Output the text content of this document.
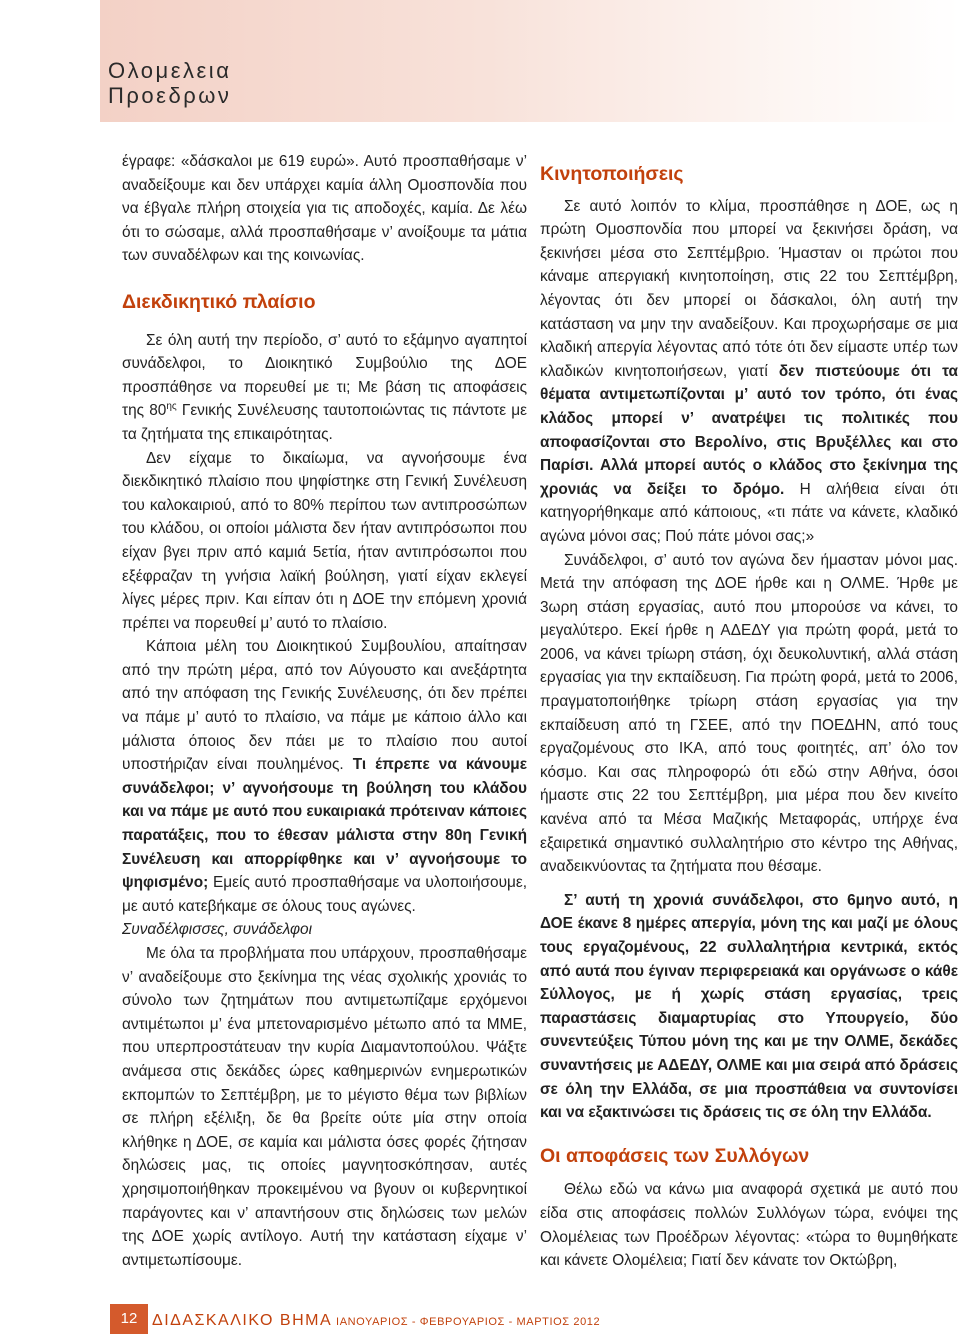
Ολομελεια
Προεδρων

έγραφε: «δάσκαλοι με 619 ευρώ». Αυτό προσπαθήσαμε ν’ αναδείξουμε και δεν υπάρχει καμία άλλη Ομοσπονδία που να έβγαλε πλήρη στοιχεία για τις αποδοχές, καμία. Δε λέω ότι το σώσαμε, αλλά προσπαθήσαμε ν’ ανοίξουμε τα μάτια των συναδέλφων και της κοινωνίας.

Διεκδικητικό πλαίσιο

Σε όλη αυτή την περίοδο, σ’ αυτό το εξάμηνο αγαπητοί συνάδελφοι, το Διοικητικό Συμβούλιο της ΔΟΕ προσπάθησε να πορευθεί με τι; Με βάση τις αποφάσεις της $80^{\eta\varsigma}$ Γενικής Συνέλευσης ταυτοποιώντας τις πάντοτε με τα ζητήματα της επικαιρότητας.

Δεν είχαμε το δικαίωμα, να αγνοήσουμε ένα διεκδικητικό πλαίσιο που ψηφίστηκε στη Γενική Συνέλευση του καλοκαιριού, από το 80% περίπου των αντιπροσώπων του κλάδου, οι οποίοι μάλιστα δεν ήταν αντιπρόσωποι που είχαν βγει πριν από καμιά 5ετία, ήταν αντιπρόσωποι που εξέφραζαν τη γνήσια λαϊκή βούληση, γιατί είχαν εκλεγεί λίγες μέρες πριν. Και είπαν ότι η ΔΟΕ την επόμενη χρονιά πρέπει να πορευθεί μ’ αυτό το πλαίσιο.

Κάποια μέλη του Διοικητικού Συμβουλίου, απαίτησαν από την πρώτη μέρα, από τον Αύγουστο και ανεξάρτητα από την απόφαση της Γενικής Συνέλευσης, ότι δεν πρέπει να πάμε μ’ αυτό το πλαίσιο, να πάμε με κάποιο άλλο και μάλιστα όποιος δεν πάει με το πλαίσιο που αυτοί υποστήριζαν είναι πουλημένος. Τι έπρεπε να κάνουμε συνάδελφοι; ν’ αγνοήσουμε τη βούληση του κλάδου και να πάμε με αυτό που ευκαιριακά πρότειναν κάποιες παρατάξεις, που το έθεσαν μάλιστα στην 80η Γενική Συνέλευση και απορρίφθηκε και ν’ αγνοήσουμε το ψηφισμένο; Εμείς αυτό προσπαθήσαμε να υλοποιήσουμε, με αυτό κατεβήκαμε σε όλους τους αγώνες.

Συναδέλφισσες, συνάδελφοι

Με όλα τα προβλήματα που υπάρχουν, προσπαθήσαμε ν’ αναδείξουμε στο ξεκίνημα της νέας σχολικής χρονιάς το σύνολο των ζητημάτων που αντιμετωπίζαμε ερχόμενοι αντιμέτωποι μ’ ένα μπετοναρισμένο μέτωπο από τα ΜΜΕ, που υπερπροστάτευαν την κυρία Διαμαντοπούλου. Ψάξτε ανάμεσα στις δεκάδες ώρες καθημερινών ενημερωτικών εκπομπών το Σεπτέμβρη, με το μέγιστο θέμα των βιβλίων σε πλήρη εξέλιξη, δε θα βρείτε ούτε μία στην οποία κλήθηκε η ΔΟΕ, σε καμία και μάλιστα όσες φορές ζήτησαν δηλώσεις μας, τις οποίες μαγνητοσκόπησαν, αυτές χρησιμοποιήθηκαν προκειμένου να βγουν οι κυβερνητικοί παράγοντες και ν’ απαντήσουν στις δηλώσεις των μελών της ΔΟΕ χωρίς αντίλογο. Αυτή την κατάσταση είχαμε ν’ αντιμετωπίσουμε.

Κινητοποιήσεις

Σε αυτό λοιπόν το κλίμα, προσπάθησε η ΔΟΕ, ως η πρώτη Ομοσπονδία που μπορεί να ξεκινήσει δράση, να ξεκινήσει μέσα στο Σεπτέμβριο. Ήμασταν οι πρώτοι που κάναμε απεργιακή κινητοποίηση, στις 22 του Σεπτέμβρη, λέγοντας ότι δεν μπορεί οι δάσκαλοι, όλη αυτή την κατάσταση να μην την αναδείξουν. Και προχωρήσαμε σε μια κλαδική απεργία λέγοντας από τότε ότι δεν είμαστε υπέρ των κλαδικών κινητοποιήσεων, γιατί δεν πιστεύουμε ότι τα θέματα αντιμετωπίζονται μ’ αυτό τον τρόπο, ότι ένας κλάδος μπορεί ν’ ανατρέψει τις πολιτικές που αποφασίζονται στο Βερολίνο, στις Βρυξέλλες και στο Παρίσι. Αλλά μπορεί αυτός ο κλάδος στο ξεκίνημα της χρονιάς να δείξει το δρόμο. Η αλήθεια είναι ότι κατηγορήθηκαμε από κάποιους, «τι πάτε να κάνετε, κλαδικό αγώνα μόνοι σας; Πού πάτε μόνοι σας;»

Συνάδελφοι, σ’ αυτό τον αγώνα δεν ήμασταν μόνοι μας. Μετά την απόφαση της ΔΟΕ ήρθε και η ΟΛΜΕ. Ήρθε με 3ωρη στάση εργασίας, αυτό που μπορούσε να κάνει, το μεγαλύτερο. Εκεί ήρθε η ΑΔΕΔΥ για πρώτη φορά, μετά το 2006, να κάνει τρίωρη στάση, όχι δευκολυντική, αλλά στάση εργασίας για την εκπαίδευση. Για πρώτη φορά, μετά το 2006, πραγματοποιήθηκε τρίωρη στάση εργασίας για την εκπαίδευση από τη ΓΣΕΕ, από την ΠΟΕΔΗΝ, από τους εργαζομένους στο ΙΚΑ, από τους φοιτητές, απ’ όλο τον κόσμο. Και σας πληροφορώ ότι εδώ στην Αθήνα, όσοι ήμαστε στις 22 του Σεπτέμβρη, μια μέρα που δεν κινείτο κανένα από τα Μέσα Μαζικής Μεταφοράς, υπήρχε ένα εξαιρετικά σημαντικό συλλαλητήριο στο κέντρο της Αθήνας, αναδεικνύοντας τα ζητήματα που θέσαμε.

Σ’ αυτή τη χρονιά συνάδελφοι, στο 6μηνο αυτό, η ΔΟΕ έκανε 8 ημέρες απεργία, μόνη της και μαζί με όλους τους εργαζομένους, 22 συλλαλητήρια κεντρικά, εκτός από αυτά που έγιναν περιφερειακά και οργάνωσε ο κάθε Σύλλογος, με ή χωρίς στάση εργασίας, τρεις παραστάσεις διαμαρτυρίας στο Υπουργείο, δύο συνεντεύξεις Τύπου μόνη της και με την ΟΛΜΕ, δεκάδες συναντήσεις με ΑΔΕΔΥ, ΟΛΜΕ και μια σειρά από δράσεις σε όλη την Ελλάδα, σε μια προσπάθεια να συντονίσει και να εξακτινώσει τις δράσεις τις σε όλη την Ελλάδα.

Οι αποφάσεις των Συλλόγων

Θέλω εδώ να κάνω μια αναφορά σχετικά με αυτό που είδα στις αποφάσεις πολλών Συλλόγων τώρα, ενόψει της Ολομέλειας των Προέδρων λέγοντας: «τώρα το θυμηθήκατε και κάνετε Ολομέλεια; Γιατί δεν κάνατε τον Οκτώβρη,

12 ΔΙΔΑΣΚΑΛΙΚΟ ΒΗΜΑ ΙΑΝΟΥΑΡΙΟΣ - ΦΕΒΡΟΥΑΡΙΟΣ - ΜΑΡΤΙΟΣ 2012
